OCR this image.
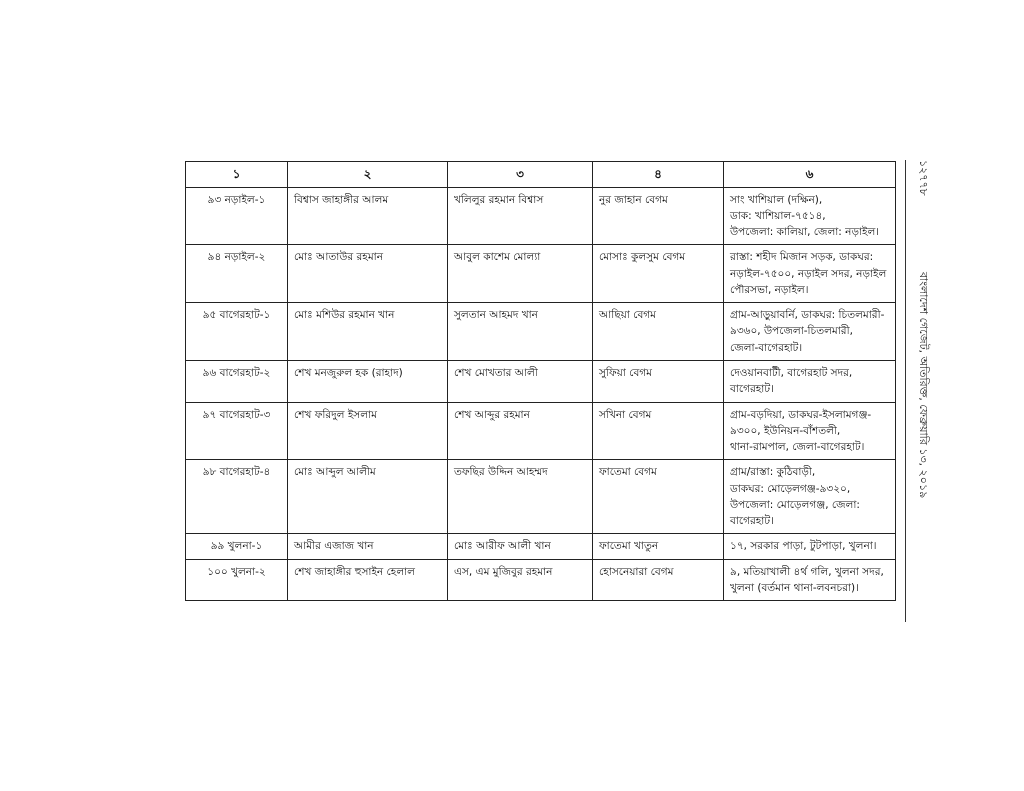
১	২	৩	৪	৬
৯৩ নড়াইল-১	বিশ্বাস জাহাঙ্গীর আলম	খলিলুর রহমান বিশ্বাস	নুর জাহান বেগম	সাং খাশিয়াল (দক্ষিন),
ডাক: খাশিয়াল-৭৫১৪,
উপজেলা: কালিয়া, জেলা: নড়াইল।

৯৪ নড়াইল-২	মোঃ আতাউর রহমান	আবুল কাশেম মোল্যা	মোসাঃ কুলসুম বেগম	রাস্তা: শহীদ মিজান সড়ক, ডাকঘর:
নড়াইল-৭৫০০, নড়াইল সদর, নড়াইল
পৌরসভা, নড়াইল।

৯৫ বাগেরহাট-১	মোঃ মশিউর রহমান খান	সুলতান আহমদ খান	আছিয়া বেগম	গ্রাম-আড়ুয়াবর্নি, ডাকঘর: চিতলমারী-
৯৩৬০, উপজেলা-চিতলমারী,
জেলা-বাগেরহাট।

৯৬ বাগেরহাট-২	শেখ মনজুরুল হক (রাহাদ)	শেখ মোখতার আলী	সুফিয়া বেগম	দেওয়ানবাটী, বাগেরহাট সদর,
বাগেরহাট।

৯৭ বাগেরহাট-৩	শেখ ফরিদুল ইসলাম	শেখ আব্দুর রহমান	সখিনা বেগম	গ্রাম-বড়দিয়া, ডাকঘর-ইসলামগঞ্জ-
৯৩০০, ইউনিয়ন-বাঁশতলী,
থানা-রামপাল, জেলা-বাগেরহাট।

৯৮ বাগেরহাট-৪	মোঃ আব্দুল আলীম	তফছির উদ্দিন আহম্মদ	ফাতেমা বেগম	গ্রাম/রাস্তা: কুঠিবাড়ী,
ডাকঘর: মোড়েলগঞ্জ-৯৩২০,
উপজেলা: মোড়েলগঞ্জ, জেলা: বাগেরহাট।

৯৯ খুলনা-১	আমীর এজাজ খান	মোঃ আরীফ আলী খান	ফাতেমা খাতুন	১৭, সরকার পাড়া, টুটপাড়া, খুলনা।

১০০ খুলনা-২	শেখ জাহাঙ্গীর হুসাইন হেলাল	এস, এম মুজিবুর রহমান	হোসনেয়ারা বেগম	৯, মতিয়াখালী ৪র্থ গলি, খুলনা সদর,
খুলনা (বর্তমান থানা-লবনচরা)।
১২৭৭৮
বাংলাদেশ গেজেট, অতিরিক্ত, ফেব্রুয়ারি ১৩, ২০১৯
